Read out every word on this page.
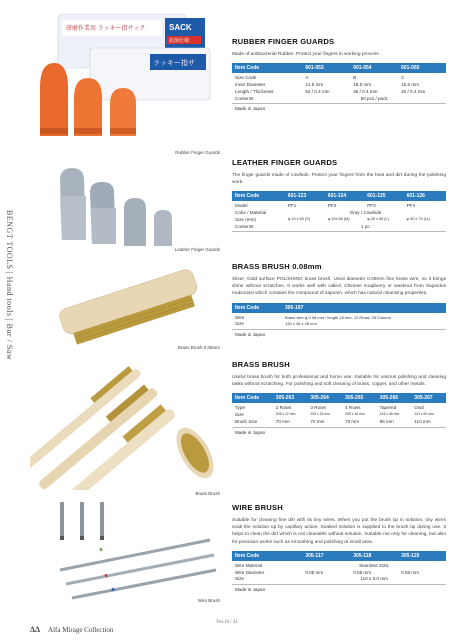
BENGT TOOLS | Hand tools | Bur / Saw
研磨作業用 ラッキー指サック	SACK
抗菌仕様
ラッキー指サ
Rubber Finger Guards
RUBBER FINGER GUARDS
Made of antibacterial Rubber. Protect your fingers in working process.
Item Code	601-053	601-054	601-055
Size Code	A	B	C
Inner Diameter	21.5 mm	18.5 mm	15.5 mm
Length / Thickness	52 / 0.4 mm	46 / 0.4 mm	40 / 0.4 mm
Contents	50 pcs / pack		
Made in Japan
Leather Finger Guards
LEATHER FINGER GUARDS
The finger guards made of cowhide. Protect your fingers from the heat and dirt during the polishing work.
Item Code	601-123	601-124	601-125	601-126
Model	PF1	PF2	PF3	PF4
Color / Material	Gray / Cowhide			
Size (mm)	φ 15 x 60 (S)	φ 20x 65 (M)	φ 25 x 65 (L)	φ 30 x 75 (LL)
Contents	1 pc			
Brass Brush 0.08mm
BRASS BRUSH 0.08mm
Silver, Gold surface POLISHING brass brush. Used diameter 0.08mm fine brass wire, so it brings shine without scratches. It works well with called, Chinese soapberry or washnut from Sapindus mukorossi which contains the compound of saponin, which has natural cleansing properties.
Item Code	305-197
Wire	Brass wire φ 0.08 mm / length 15 mm, 12 Rows, 25 Column
Size	130 x 45 x 28 mm
Made in Japan
Brass Brush
BRASS BRUSH
Useful brass brush for both professional and home use. Suitable for various polishing and cleaning tasks without scratching. For polishing and soft cleaning of brass, copper, and other metals.
Item Code	305-263	305-264	305-265	305-266	305-267
Type	2 Rows	3 Rows	4 Rows	Tapered	Oval
Size	205 x 12 mm	205 x 15 mm	205 x 18 mm	215 x 48 mm	123 x 60 mm
Brush Size	70 mm	70 mm	70 mm	95 mm	110 mm
Made in Japan
Wire Brush
WIRE BRUSH
Suitable for cleaning fine dirt with its tiny wires. When you put the brush tip in solution, tiny wires soak the solution up by capillary action. Soaked solution is supplied to the brush tip during use. It helps to clean the dirt which is not cleanable without solution. Suitable not only for cleaning, but also for precision works such as smoothing and polishing at small area.
Item Code	305-117	305-118	305-119
Wire Material	Stainless 316L		
Wire Diameter	0.05 mm	0.05 mm	0.08 mm
Size	110 x 3.0 mm		
Made in Japan
ΔΔ Alfa Mirage Collection
Vol.10 / 41
